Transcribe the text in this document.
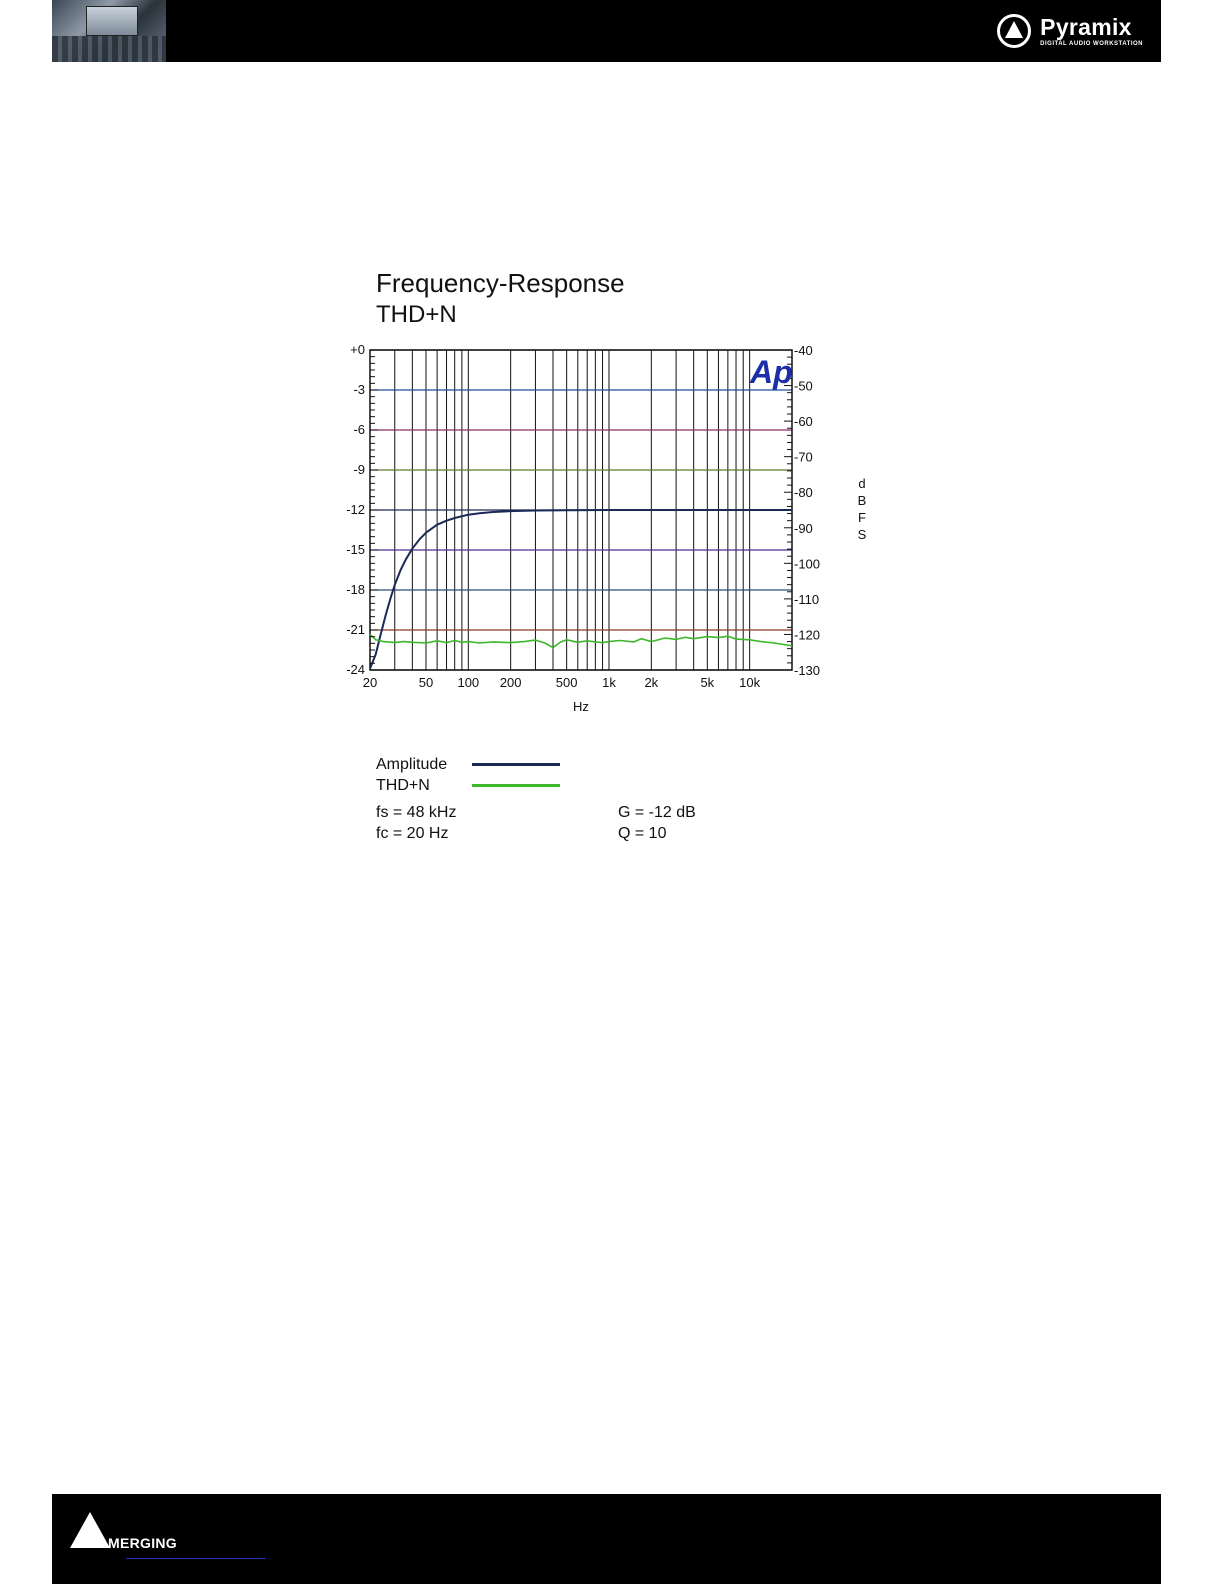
Pyramix
DIGITAL AUDIO WORKSTATION
Frequency-Response
THD+N
+0
-3
-6
-9
-12
-15
-18
-21
-24
-40
-50
-60
-70
-80
-90
-100
-110
-120
-130
20	50 100 200	500 1k 2k	5k 10k
Hz
d
B
F
S
Ap
Amplitude
THD+N
fs = 48 kHz
fc = 20 Hz
G = -12 dB
Q = 10
MERGING
